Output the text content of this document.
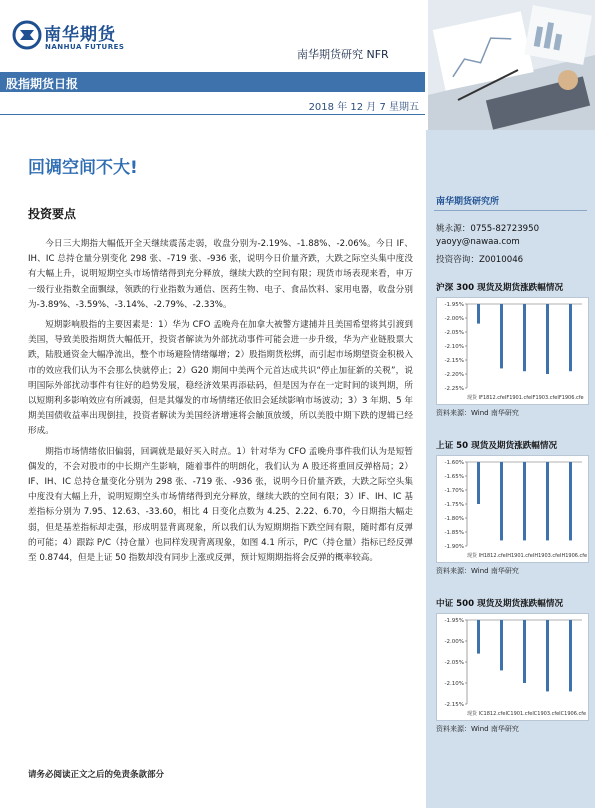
南华期货
NANHUA FUTURES
南华期货研究 NFR
股指期货日报
2018 年 12 月 7 星期五
回调空间不大!
投资要点

今日三大期指大幅低开全天继续震荡走弱，收盘分别为-2.19%、-1.88%、-2.06%。今日 IF、IH、IC 总持仓量分别变化 298 张、-719 张、-936 张，说明今日价量齐跌，大跌之际空头集中度没有大幅上升，说明短期空头市场情绪得到充分释放，继续大跌的空间有限；现货市场表现来看，申万一级行业指数全面飘绿，领跌的行业指数为通信、医药生物、电子、食品饮料、家用电器，收盘分别为-3.89%、-3.59%、-3.14%、-2.79%、-2.33%。

短期影响股指的主要因素是：1）华为 CFO 孟晚舟在加拿大被警方逮捕并且美国希望将其引渡到美国，导致美股指期货大幅低开，投资者解读为外部扰动事件可能会进一步升级，华为产业链股票大跌，陆股通资金大幅净流出，整个市场避险情绪爆增；2）股指期货松绑，而引起市场期望资金积极入市的效应我们认为不会那么快就停止；2）G20 期间中美两个元首达成共识“停止加征新的关税”，说明国际外部扰动事件有往好的趋势发展，稳经济效果再添砝码，但是因为存在一定时间的谈判期，所以短期利多影响效应有所减弱，但是其爆发的市场情绪还依旧会延续影响市场波动；3）3 年期、5 年期美国债收益率出现倒挂，投资者解读为美国经济增速将会触顶放缓，所以美股中期下跌的逻辑已经形成。

期指市场情绪依旧偏弱，回调就是最好买入时点。1）针对华为 CFO 孟晚舟事件我们认为是短暂偶发的，不会对股市的中长期产生影响，随着事件的明朗化，我们认为 A 股还将重回反弹格局；2）IF、IH、IC 总持仓量变化分别为 298 张、-719 张、-936 张，说明今日价量齐跌，大跌之际空头集中度没有大幅上升，说明短期空头市场情绪得到充分释放，继续大跌的空间有限；3）IF、IH、IC 基差指标分别为 7.95、12.63、-33.60，相比 4 日变化点数为 4.25、2.22、6.70，今日期指大幅走弱，但是基差指标却走强，形成明显背离现象，所以我们认为短期期指下跌空间有限，随时都有反弹的可能；4）跟踪 P/C（持仓量）也同样发现背离现象，如图 4.1 所示，P/C（持仓量）指标已经反弹至 0.8744，但是上证 50 指数却没有同步上涨或反弹，预计短期期指将会反弹的概率较高。

请务必阅读正文之后的免责条款部分
南华期货研究所
姚永源：0755-82723950
yaoyy@nawaa.com
投资咨询：Z0010046
沪深 300 现货及期货涨跌幅情况
-1.95%
-2.00%
-2.05%
-2.10%
-2.15%
-2.20%
-2.25%
现货 IF1812.cfeIF1901.cfeIF1903.cfeIF1906.cfe
资料来源：Wind 南华研究
上证 50 现货及期货涨跌幅情况
-1.60%
-1.65%
-1.70%
-1.75%
-1.80%
-1.85%
-1.90%
现货 IH1812.cfeIH1901.cfeIH1903.cfeIH1906.cfe
资料来源：Wind 南华研究
中证 500 现货及期货涨跌幅情况
-1.95%
-2.00%
-2.05%
-2.10%
-2.15%
现货 IC1812.cfeIC1901.cfeIC1903.cfeIC1906.cfe
资料来源：Wind 南华研究
